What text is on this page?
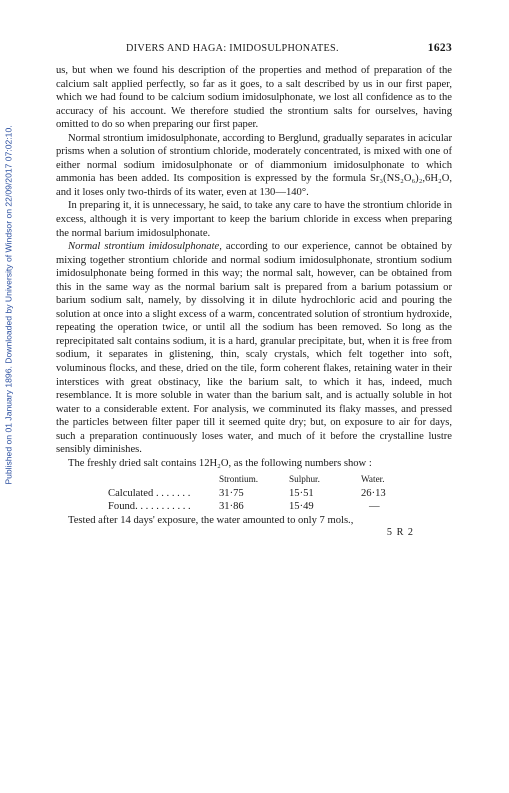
Published on 01 January 1896. Downloaded by University of Windsor on 22/09/2017 07:02:10.
DIVERS AND HAGA: IMIDOSULPHONATES.	1623

us, but when we found his description of the properties and method of preparation of the calcium salt applied perfectly, so far as it goes, to a salt described by us in our first paper, which we had found to be calcium sodium imidosulphonate, we lost all confidence as to the accuracy of his account. We therefore studied the strontium salts for ourselves, having omitted to do so when preparing our first paper.

Normal strontium imidosulphonate, according to Berglund, gradually separates in acicular prisms when a solution of strontium chloride, moderately concentrated, is mixed with one of either normal sodium imidosulphonate or of diammonium imidosulphonate to which ammonia has been added. Its composition is expressed by the formula Sr₃(NS₂O₆)₂,6H₂O, and it loses only two-thirds of its water, even at 130—140°.

In preparing it, it is unnecessary, he said, to take any care to have the strontium chloride in excess, although it is very important to keep the barium chloride in excess when preparing the normal barium imidosulphonate.

Normal strontium imidosulphonate, according to our experience, cannot be obtained by mixing together strontium chloride and normal sodium imidosulphonate, strontium sodium imidosulphonate being formed in this way; the normal salt, however, can be obtained from this in the same way as the normal barium salt is prepared from a barium potassium or barium sodium salt, namely, by dissolving it in dilute hydrochloric acid and pouring the solution at once into a slight excess of a warm, concentrated solution of strontium hydroxide, repeating the operation twice, or until all the sodium has been removed. So long as the reprecipitated salt contains sodium, it is a hard, granular precipitate, but, when it is free from sodium, it separates in glistening, thin, scaly crystals, which felt together into soft, voluminous flocks, and these, dried on the tile, form coherent flakes, retaining water in their interstices with great obstinacy, like the barium salt, to which it has, indeed, much resemblance. It is more soluble in water than the barium salt, and is actually soluble in hot water to a considerable extent. For analysis, we comminuted its flaky masses, and pressed the particles between filter paper till it seemed quite dry; but, on exposure to air for days, such a preparation continuously loses water, and much of it before the crystalline lustre sensibly diminishes.

The freshly dried salt contains 12H₂O, as the following numbers show :

Strontium.	Sulphur.	Water.
Calculated . . . . . . .	31·75	15·51	26·13
Found. . . . . . . . . . .	31·86	15·49	—

Tested after 14 days' exposure, the water amounted to only 7 mols.,

5 R 2
